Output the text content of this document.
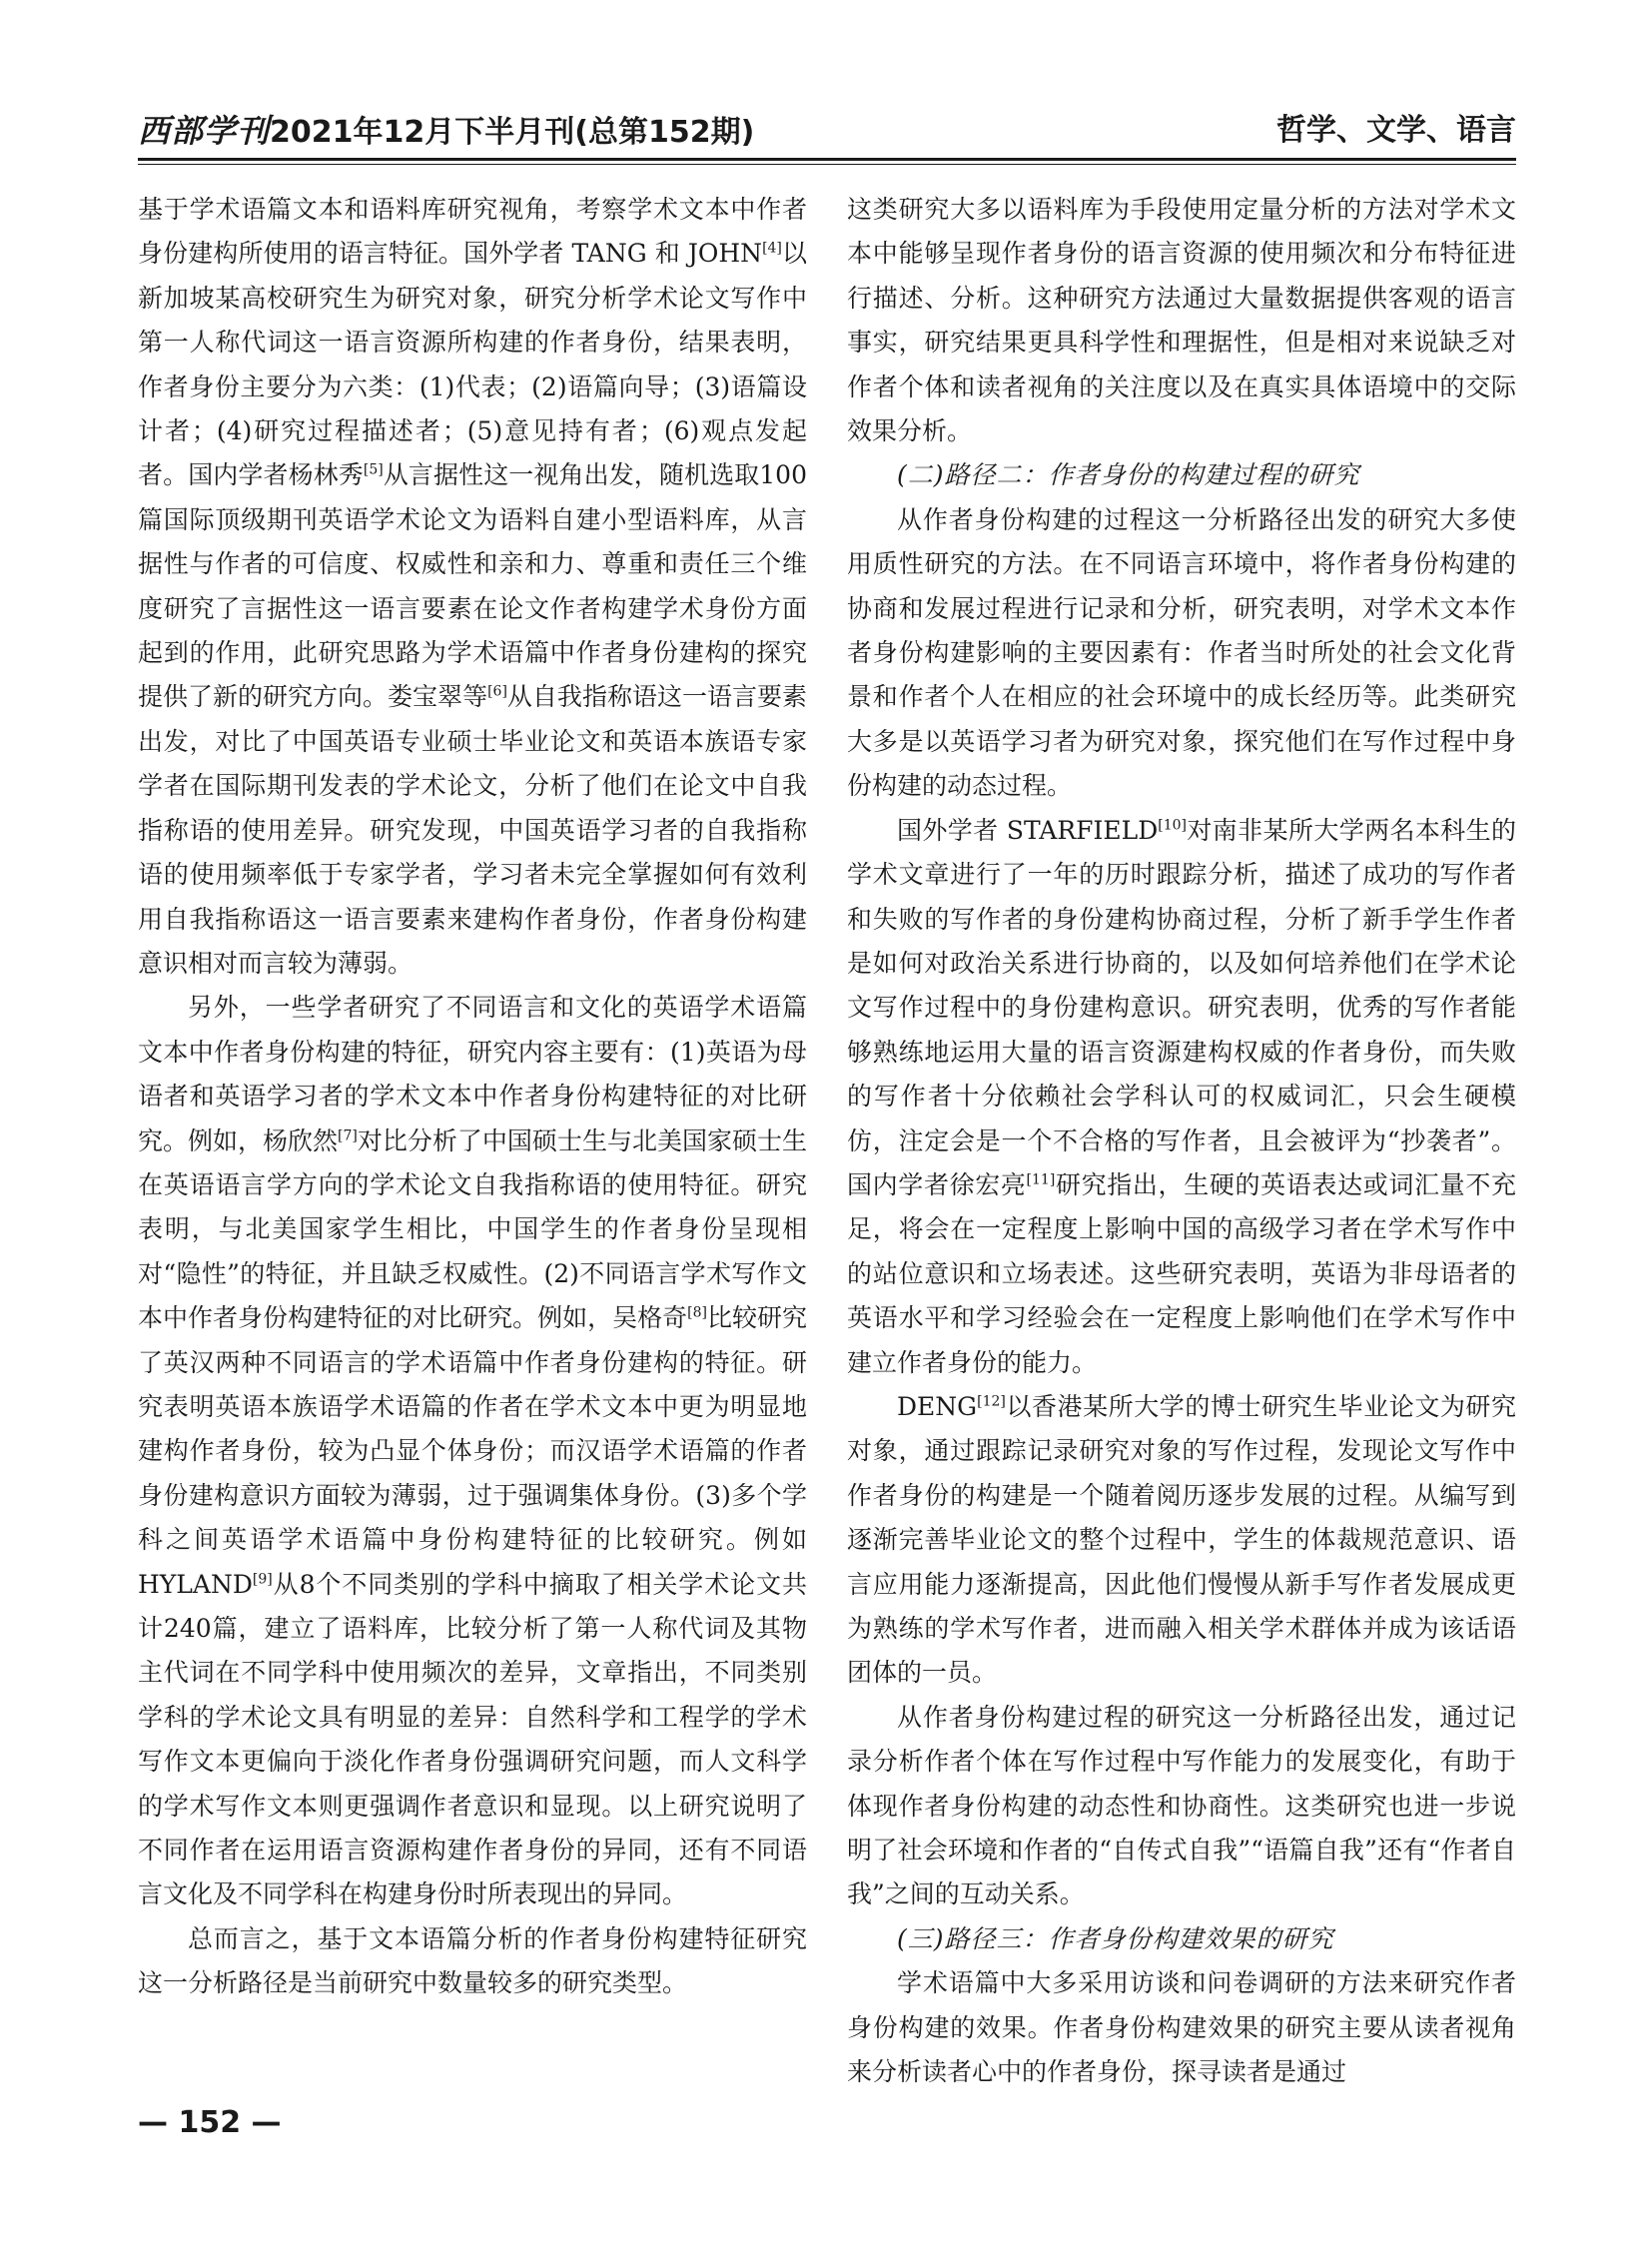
西部学刊2021年12月下半月刊(总第152期)	哲学、文学、语言

基于学术语篇文本和语料库研究视角，考察学术文本中作者身份建构所使用的语言特征。国外学者 TANG 和 JOHN[4]以新加坡某高校研究生为研究对象，研究分析学术论文写作中第一人称代词这一语言资源所构建的作者身份，结果表明，作者身份主要分为六类：(1)代表；(2)语篇向导；(3)语篇设计者；(4)研究过程描述者；(5)意见持有者；(6)观点发起者。国内学者杨林秀[5]从言据性这一视角出发，随机选取100篇国际顶级期刊英语学术论文为语料自建小型语料库，从言据性与作者的可信度、权威性和亲和力、尊重和责任三个维度研究了言据性这一语言要素在论文作者构建学术身份方面起到的作用，此研究思路为学术语篇中作者身份建构的探究提供了新的研究方向。娄宝翠等[6]从自我指称语这一语言要素出发，对比了中国英语专业硕士毕业论文和英语本族语专家学者在国际期刊发表的学术论文，分析了他们在论文中自我指称语的使用差异。研究发现，中国英语学习者的自我指称语的使用频率低于专家学者，学习者未完全掌握如何有效利用自我指称语这一语言要素来建构作者身份，作者身份构建意识相对而言较为薄弱。

另外，一些学者研究了不同语言和文化的英语学术语篇文本中作者身份构建的特征，研究内容主要有：(1)英语为母语者和英语学习者的学术文本中作者身份构建特征的对比研究。例如，杨欣然[7]对比分析了中国硕士生与北美国家硕士生在英语语言学方向的学术论文自我指称语的使用特征。研究表明，与北美国家学生相比，中国学生的作者身份呈现相对“隐性”的特征，并且缺乏权威性。(2)不同语言学术写作文本中作者身份构建特征的对比研究。例如，吴格奇[8]比较研究了英汉两种不同语言的学术语篇中作者身份建构的特征。研究表明英语本族语学术语篇的作者在学术文本中更为明显地建构作者身份，较为凸显个体身份；而汉语学术语篇的作者身份建构意识方面较为薄弱，过于强调集体身份。(3)多个学科之间英语学术语篇中身份构建特征的比较研究。例如 HYLAND[9]从8个不同类别的学科中摘取了相关学术论文共计240篇，建立了语料库，比较分析了第一人称代词及其物主代词在不同学科中使用频次的差异，文章指出，不同类别学科的学术论文具有明显的差异：自然科学和工程学的学术写作文本更偏向于淡化作者身份强调研究问题，而人文科学的学术写作文本则更强调作者意识和显现。以上研究说明了不同作者在运用语言资源构建作者身份的异同，还有不同语言文化及不同学科在构建身份时所表现出的异同。

总而言之，基于文本语篇分析的作者身份构建特征研究这一分析路径是当前研究中数量较多的研究类型。

这类研究大多以语料库为手段使用定量分析的方法对学术文本中能够呈现作者身份的语言资源的使用频次和分布特征进行描述、分析。这种研究方法通过大量数据提供客观的语言事实，研究结果更具科学性和理据性，但是相对来说缺乏对作者个体和读者视角的关注度以及在真实具体语境中的交际效果分析。

(二)路径二：作者身份的构建过程的研究

从作者身份构建的过程这一分析路径出发的研究大多使用质性研究的方法。在不同语言环境中，将作者身份构建的协商和发展过程进行记录和分析，研究表明，对学术文本作者身份构建影响的主要因素有：作者当时所处的社会文化背景和作者个人在相应的社会环境中的成长经历等。此类研究大多是以英语学习者为研究对象，探究他们在写作过程中身份构建的动态过程。

国外学者 STARFIELD[10]对南非某所大学两名本科生的学术文章进行了一年的历时跟踪分析，描述了成功的写作者和失败的写作者的身份建构协商过程，分析了新手学生作者是如何对政治关系进行协商的，以及如何培养他们在学术论文写作过程中的身份建构意识。研究表明，优秀的写作者能够熟练地运用大量的语言资源建构权威的作者身份，而失败的写作者十分依赖社会学科认可的权威词汇，只会生硬模仿，注定会是一个不合格的写作者，且会被评为“抄袭者”。国内学者徐宏亮[11]研究指出，生硬的英语表达或词汇量不充足，将会在一定程度上影响中国的高级学习者在学术写作中的站位意识和立场表述。这些研究表明，英语为非母语者的英语水平和学习经验会在一定程度上影响他们在学术写作中建立作者身份的能力。

DENG[12]以香港某所大学的博士研究生毕业论文为研究对象，通过跟踪记录研究对象的写作过程，发现论文写作中作者身份的构建是一个随着阅历逐步发展的过程。从编写到逐渐完善毕业论文的整个过程中，学生的体裁规范意识、语言应用能力逐渐提高，因此他们慢慢从新手写作者发展成更为熟练的学术写作者，进而融入相关学术群体并成为该话语团体的一员。

从作者身份构建过程的研究这一分析路径出发，通过记录分析作者个体在写作过程中写作能力的发展变化，有助于体现作者身份构建的动态性和协商性。这类研究也进一步说明了社会环境和作者的“自传式自我”“语篇自我”还有“作者自我”之间的互动关系。

(三)路径三：作者身份构建效果的研究

学术语篇中大多采用访谈和问卷调研的方法来研究作者身份构建的效果。作者身份构建效果的研究主要从读者视角来分析读者心中的作者身份，探寻读者是通过

— 152 —
